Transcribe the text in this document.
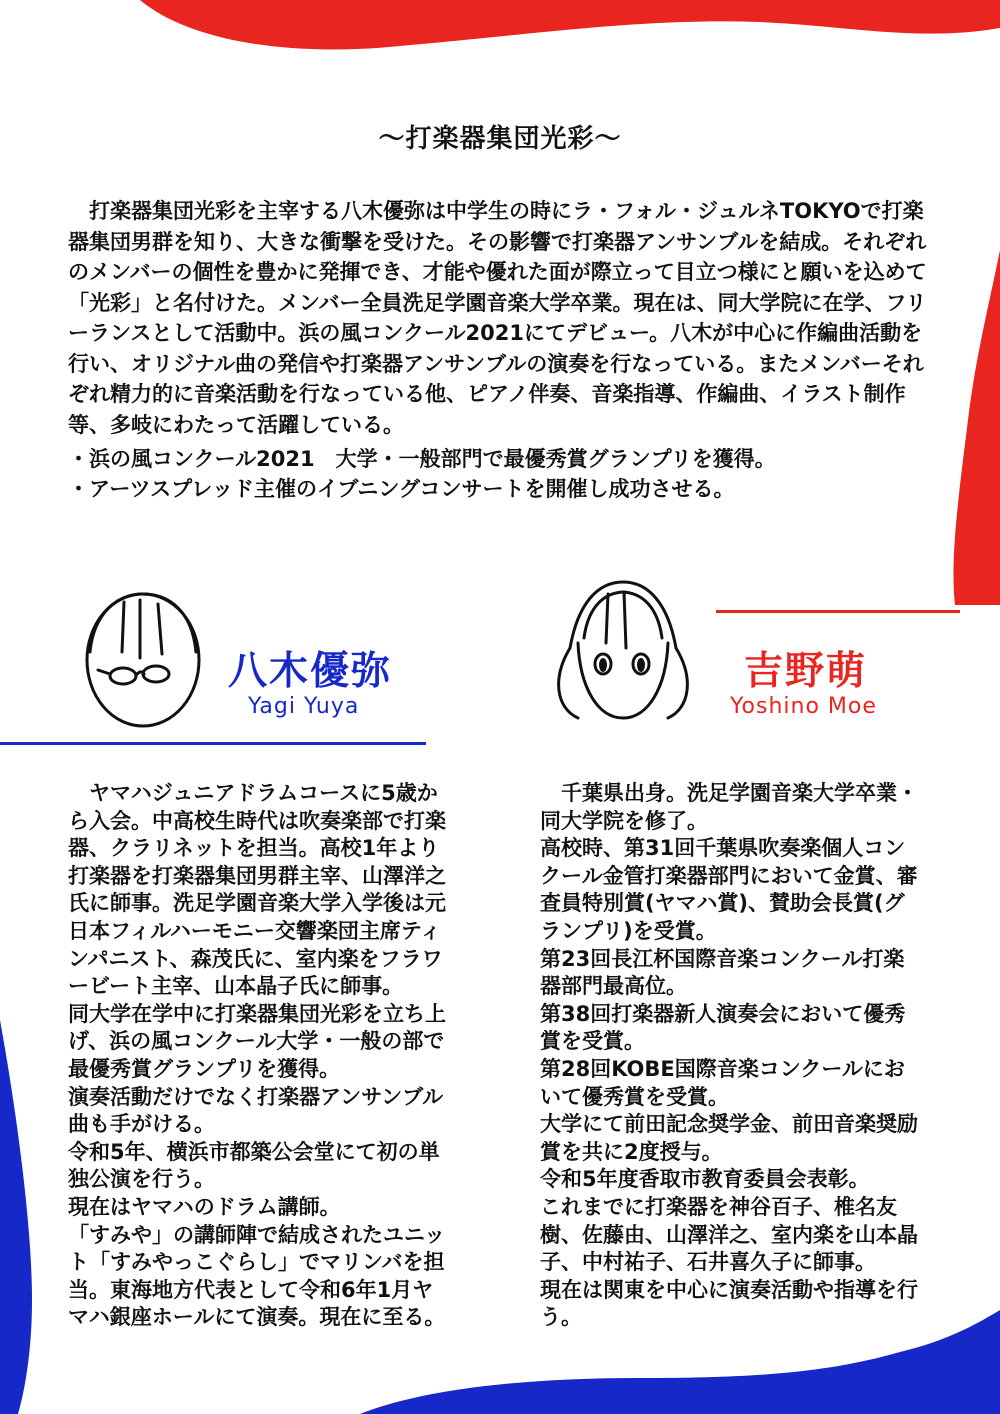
〜打楽器集団光彩〜

打楽器集団光彩を主宰する八木優弥は中学生の時にラ・フォル・ジュルネTOKYOで打楽器集団男群を知り、大きな衝撃を受けた。その影響で打楽器アンサンブルを結成。それぞれのメンバーの個性を豊かに発揮でき、才能や優れた面が際立って目立つ様にと願いを込めて「光彩」と名付けた。メンバー全員洗足学園音楽大学卒業。現在は、同大学院に在学、フリーランスとして活動中。浜の風コンクール2021にてデビュー。八木が中心に作編曲活動を行い、オリジナル曲の発信や打楽器アンサンブルの演奏を行なっている。またメンバーそれぞれ精力的に音楽活動を行なっている他、ピアノ伴奏、音楽指導、作編曲、イラスト制作等、多岐にわたって活躍している。

・浜の風コンクール2021　大学・一般部門で最優秀賞グランプリを獲得。
・アーツスプレッド主催のイブニングコンサートを開催し成功させる。
八木優弥
Yagi Yuya

ヤマハジュニアドラムコースに5歳から入会。中高校生時代は吹奏楽部で打楽器、クラリネットを担当。高校1年より打楽器を打楽器集団男群主宰、山澤洋之氏に師事。洗足学園音楽大学入学後は元日本フィルハーモニー交響楽団主席ティンパニスト、森茂氏に、室内楽をフラワービート主宰、山本晶子氏に師事。

同大学在学中に打楽器集団光彩を立ち上げ、浜の風コンクール大学・一般の部で最優秀賞グランプリを獲得。

演奏活動だけでなく打楽器アンサンブル曲も手がける。

令和5年、横浜市都築公会堂にて初の単独公演を行う。

現在はヤマハのドラム講師。

「すみや」の講師陣で結成されたユニット「すみやっこぐらし」でマリンバを担当。東海地方代表として令和6年1月ヤマハ銀座ホールにて演奏。現在に至る。

吉野萌
Yoshino Moe

千葉県出身。洗足学園音楽大学卒業・同大学院を修了。

高校時、第31回千葉県吹奏楽個人コンクール金管打楽器部門において金賞、審査員特別賞(ヤマハ賞)、賛助会長賞(グランプリ)を受賞。

第23回長江杯国際音楽コンクール打楽器部門最高位。

第38回打楽器新人演奏会において優秀賞を受賞。

第28回KOBE国際音楽コンクールにおいて優秀賞を受賞。

大学にて前田記念奨学金、前田音楽奨励賞を共に2度授与。

令和5年度香取市教育委員会表彰。

これまでに打楽器を神谷百子、椎名友樹、佐藤由、山澤洋之、室内楽を山本晶子、中村祐子、石井喜久子に師事。

現在は関東を中心に演奏活動や指導を行う。
